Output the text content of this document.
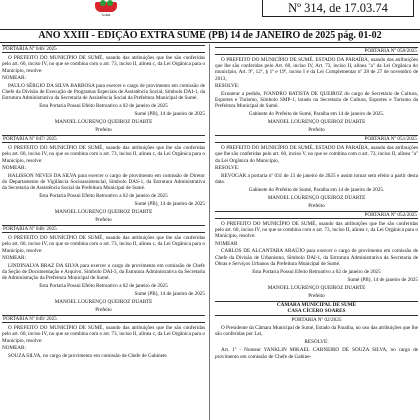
SUMÉ	Nº 314, de 17.03.74
ANO XXIII - EDIÇÃO EXTRA SUMÉ (PB) 14 de JANEIRO de 2025 pág. 01-02
PORTARIA Nº 046/ 2025
O PREFEITO DO MUNICÍPIO DE SUMÉ, usando das atribuições que lhe são conferidas pelo art. 60, inciso IV, no que se combina com o art. 73, inciso II, alínea c, da Lei Orgânica para o Município, resolve:
NOMEAR:
PAULO SÉRGIO DA SILVA BARBOSA para exercer o cargo de provimento em comissão de Chefe da Divisão de Execução de Programas Especiais de Assistência Social, Símbolo DAI-1, da Estrutura Administrativa da Secretaria de Assistência Social da Prefeitura Municipal de Sumé.
Esta Portaria Possui Efeito Retroativo a 02 de janeiro de 2025
Sumé (PB), 14 de janeiro de 2025
MANOEL LOURENÇO QUEIROZ DUARTE
Prefeito
PORTARIA Nº 047/ 2025
O PREFEITO DO MUNICÍPIO DE SUMÉ, usando das atribuições que lhe são conferidas pelo art. 60, inciso IV, no que se combina com o art. 73, inciso II, alínea c, da Lei Orgânica para o Município, resolve:
NOMEAR:
HALISSON NEVES DA SILVA para exercer o cargo de provimento em comissão de Diretor do Departamento de Vigilância Socioassistencial, Símbolo DAS-1, da Estrutura Administrativa da Secretaria de Assistência Social da Prefeitura Municipal de Sumé.
Esta Portaria Possui Efeito Retroativo a 02 de janeiro de 2025
Sumé (PB), 14 de janeiro de 2025
MANOEL LOURENÇO QUEIROZ DUARTE
Prefeito
PORTARIA Nº 048/ 2025
O PREFEITO DO MUNICÍPIO DE SUMÉ, usando das atribuições que lhe são conferidas pelo art. 60, inciso IV, no que se combina com o art. 73, inciso II, alínea c, da Lei Orgânica para o Município, resolve:
NOMEAR:
LINDINALVA BRAZ DA SILVA para exercer o cargo de provimento em comissão de Chefe da Seção de Documentação e Arquivo, Símbolo DAI-3, da Estrutura Administrativa da Secretaria de Administração da Prefeitura Municipal de Sumé.
Esta Portaria Possui Efeito Retroativo a 02 de janeiro de 2025
Sumé (PB), 14 de janeiro de 2025
MANOEL LOURENÇO QUEIROZ DUARTE
Prefeito
PORTARIA Nº 049/ 2025
O PREFEITO DO MUNICÍPIO DE SUMÉ, usando das atribuições que lhe são conferidas pelo art. 60, inciso IV, no que se combina com o art. 73, inciso II, alínea c, da Lei Orgânica para o Município, resolve:
NOMEAR:
SOUZA SILVA, no cargo de provimento em comissão de Chefe de Gabinete
PORTARIA Nº 050/2025
O PREFEITO DO MUNICÍPIO DE SUMÉ, ESTADO DA PARAÍBA, usando das atribuições que lhe são conferidas pelo Art. 60, inciso IV, Art. 73, inciso II, alínea "a" da Lei Orgânica do município, Art. 9º, 12º, § 1º e 19º, inciso I e da Lei Complementar nº 28 de 27 de novembro de 2013,
RESOLVE:
Exonerar a pedido, IVANDRO BATISTA DE QUEIROZ do cargo de Secretário de Cultura, Esportes e Turismo, Símbolo SMP-1, lotado na Secretaria de Cultura, Esportes e Turismo da Prefeitura Municipal de Sumé.
Gabinete do Prefeito de Sumé, Paraíba em 14 de janeiro de 2025.
MANOEL LOURENÇO QUEIROZ DUARTE
Prefeito
PORTARIA Nº 051/2025
O PREFEITO DO MUNICÍPIO DE SUMÉ, ESTADO DA PARAÍBA, usando das atribuições que lhe são conferidas pelo art. 60, inciso V, no que se combina com o art. 73, inciso II, alínea "a" da Lei Orgânica do Município,
RESOLVE:
REVOGAR a portaria nº 031 de 13 de janeiro de 2025 e assim tornar sem efeito a partir desta data.
Gabinete do Prefeito de Sumé, Paraíba em 14 de janeiro de 2025.
MANOEL LOURENÇO QUEIROZ DUARTE
Prefeito
PORTARIA Nº 052/2025
O PREFEITO DO MUNICÍPIO DE SUMÉ, usando das atribuições que lhe são conferidas pelo art. 60, inciso IV, no que se combina com o art. 73, inciso II, alínea c, da Lei Orgânica para o Município, resolve:
NOMEAR
CARLOS DE ALCANTARA ARAÚJO para exercer o cargo de provimento em comissão de Chefe da Divisão de Urbanismo, Símbolo DAI-1, da Estrutura Administrativa da Secretaria de Obras e Serviços Urbanos da Prefeitura Municipal de Sumé.
Esta Portaria Possui Efeito Retroativo a 02 de janeiro de 2025
Sumé (PB), 14 de janeiro de 2025
MANOEL LOURENÇO QUEIROZ DUARTE
Prefeito
CÂMARA MUNICIPAL DE SUMÉ
CASA CÍCERO SOARES
PORTARIA Nº 02/2025
O Presidente da Câmara Municipal de Sumé, Estado da Paraíba, no uso das atribuições que lhe são conferidas por Lei,
RESOLVE:
Art. 1º - Nomear YANKLIN MIKAEL CARNEIRO DE SOUZA SILVA, no cargo de provimento em comissão de Chefe de Gabine-
